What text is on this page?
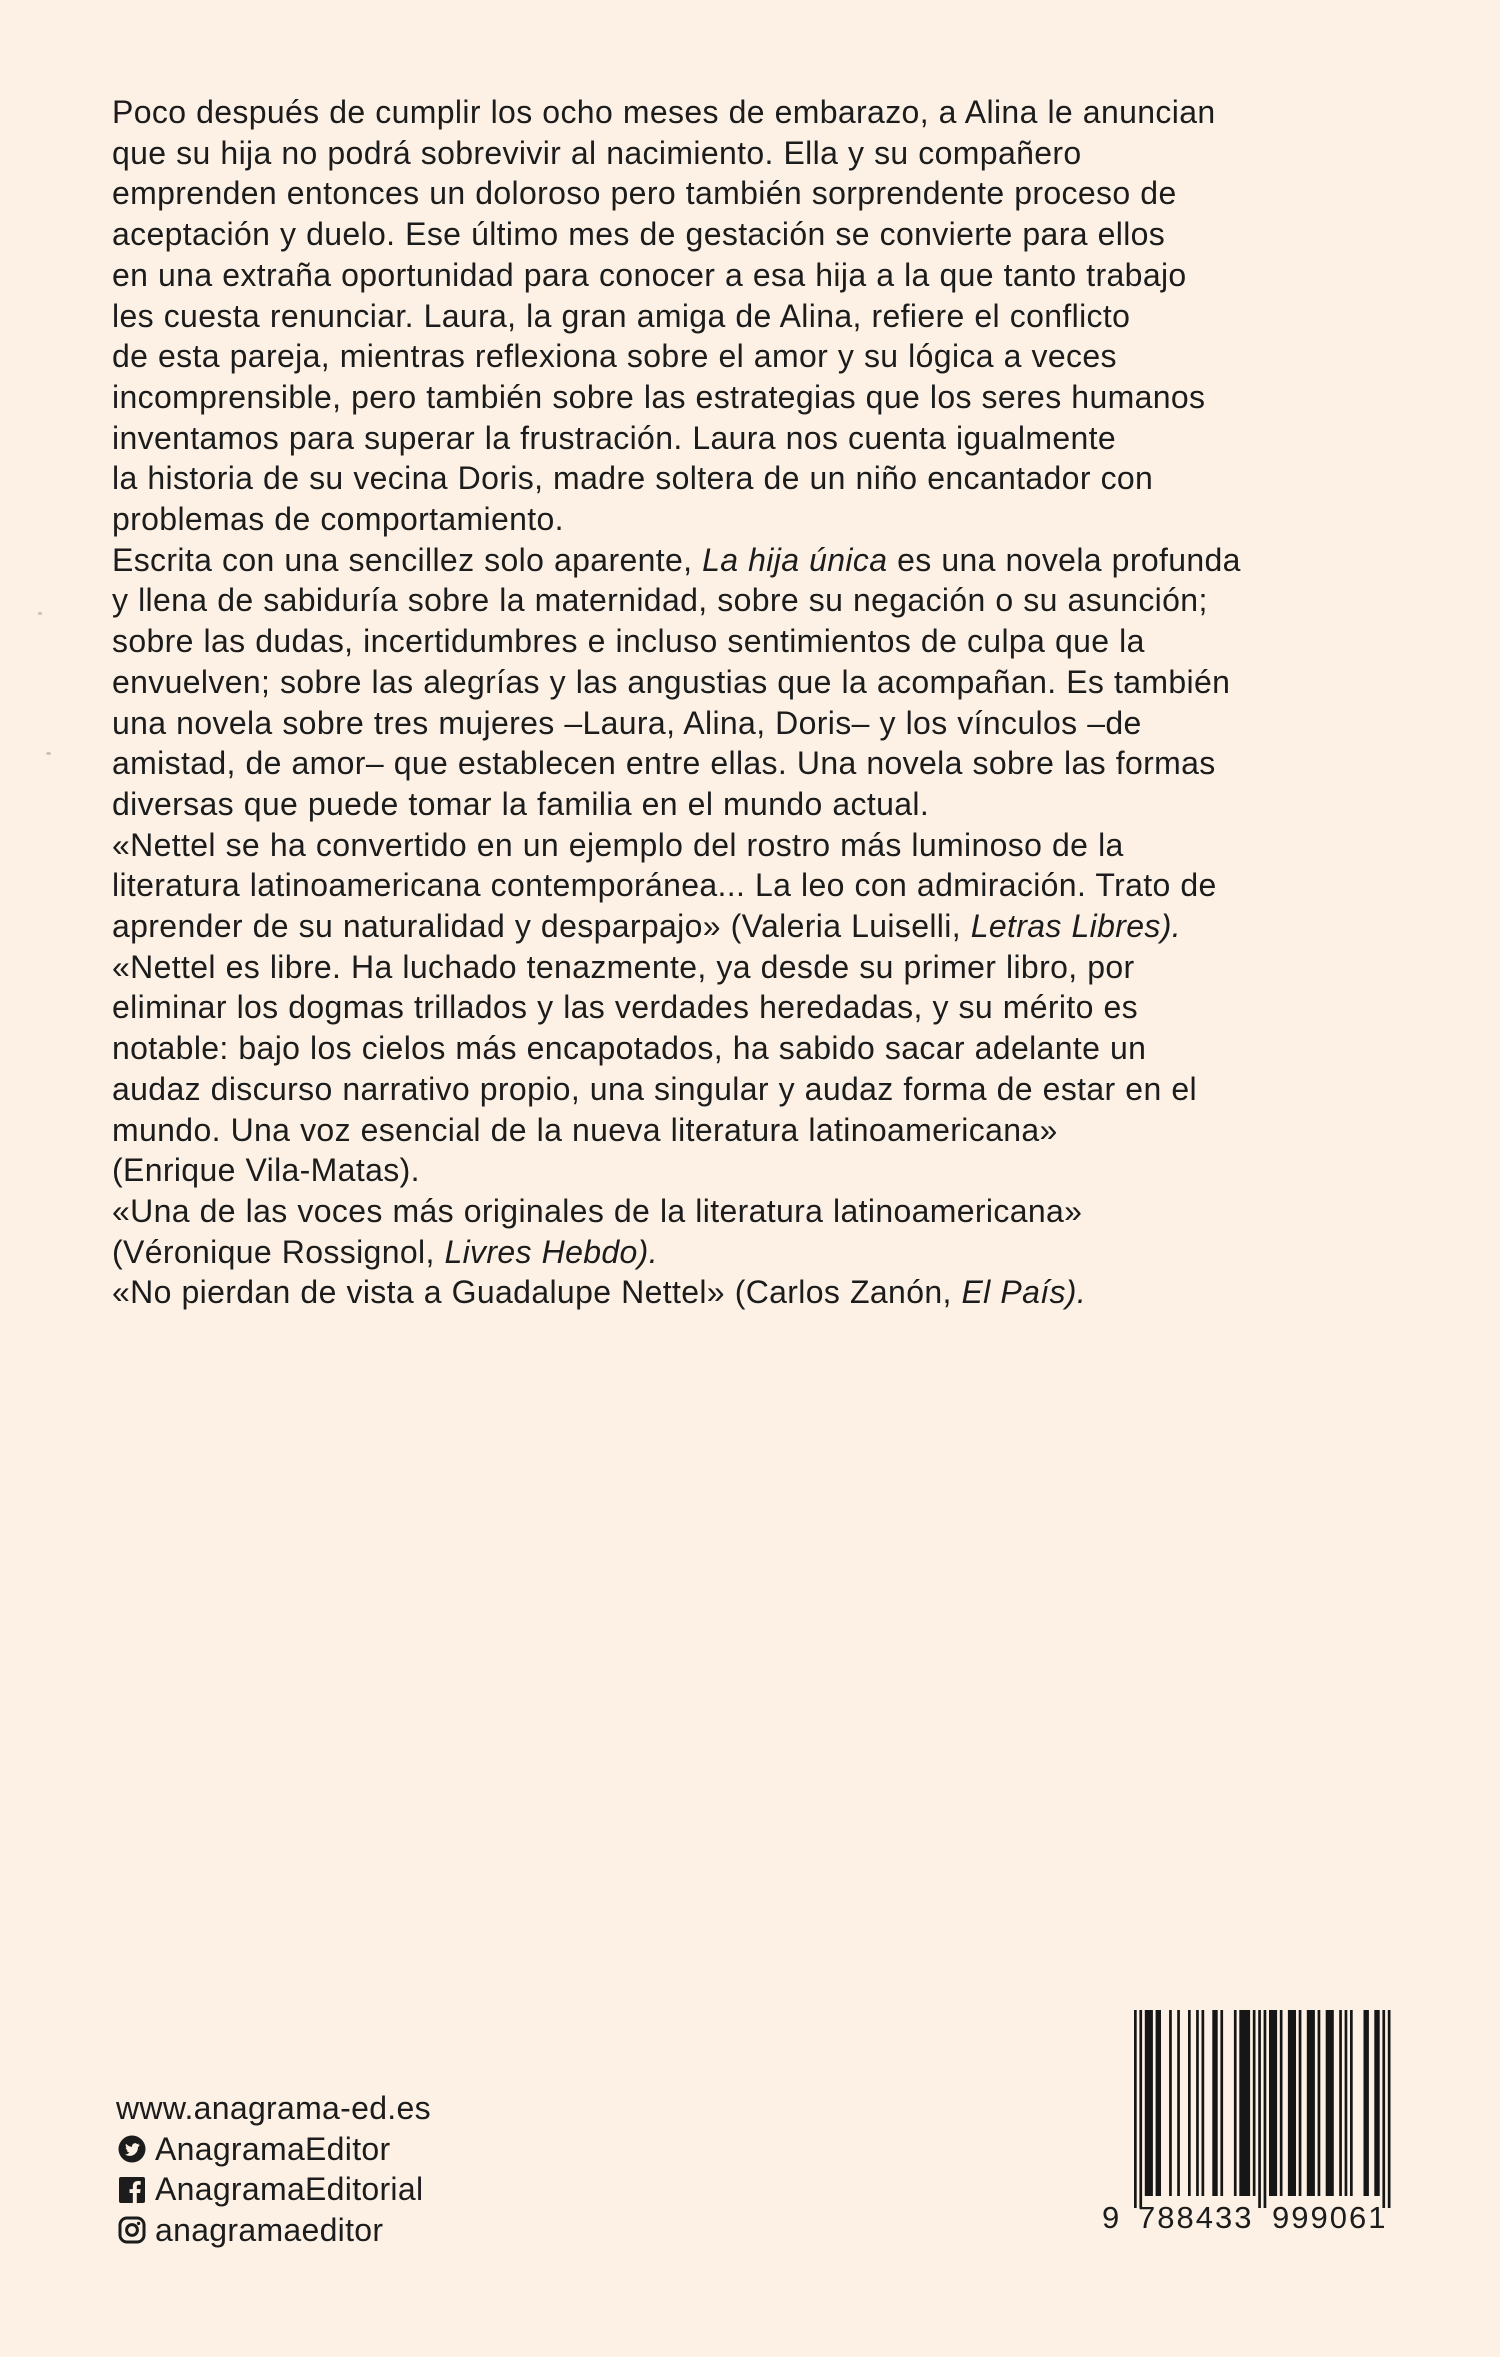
Poco después de cumplir los ocho meses de embarazo, a Alina le anuncian

que su hija no podrá sobrevivir al nacimiento. Ella y su compañero

emprenden entonces un doloroso pero también sorprendente proceso de

aceptación y duelo. Ese último mes de gestación se convierte para ellos

en una extraña oportunidad para conocer a esa hija a la que tanto trabajo

les cuesta renunciar. Laura, la gran amiga de Alina, refiere el conflicto

de esta pareja, mientras reflexiona sobre el amor y su lógica a veces

incomprensible, pero también sobre las estrategias que los seres humanos

inventamos para superar la frustración. Laura nos cuenta igualmente

la historia de su vecina Doris, madre soltera de un niño encantador con

problemas de comportamiento.

Escrita con una sencillez solo aparente, La hija única es una novela profunda

y llena de sabiduría sobre la maternidad, sobre su negación o su asunción;

sobre las dudas, incertidumbres e incluso sentimientos de culpa que la

envuelven; sobre las alegrías y las angustias que la acompañan. Es también

una novela sobre tres mujeres –Laura, Alina, Doris– y los vínculos –de

amistad, de amor– que establecen entre ellas. Una novela sobre las formas

diversas que puede tomar la familia en el mundo actual.

«Nettel se ha convertido en un ejemplo del rostro más luminoso de la

literatura latinoamericana contemporánea... La leo con admiración. Trato de

aprender de su naturalidad y desparpajo» (Valeria Luiselli, Letras Libres).

«Nettel es libre. Ha luchado tenazmente, ya desde su primer libro, por

eliminar los dogmas trillados y las verdades heredadas, y su mérito es

notable: bajo los cielos más encapotados, ha sabido sacar adelante un

audaz discurso narrativo propio, una singular y audaz forma de estar en el

mundo. Una voz esencial de la nueva literatura latinoamericana»

(Enrique Vila-Matas).

«Una de las voces más originales de la literatura latinoamericana»

(Véronique Rossignol, Livres Hebdo).

«No pierdan de vista a Guadalupe Nettel» (Carlos Zanón, El País).

www.anagrama-ed.es
AnagramaEditor
AnagramaEditorial
anagramaeditor	9 788433 999061
